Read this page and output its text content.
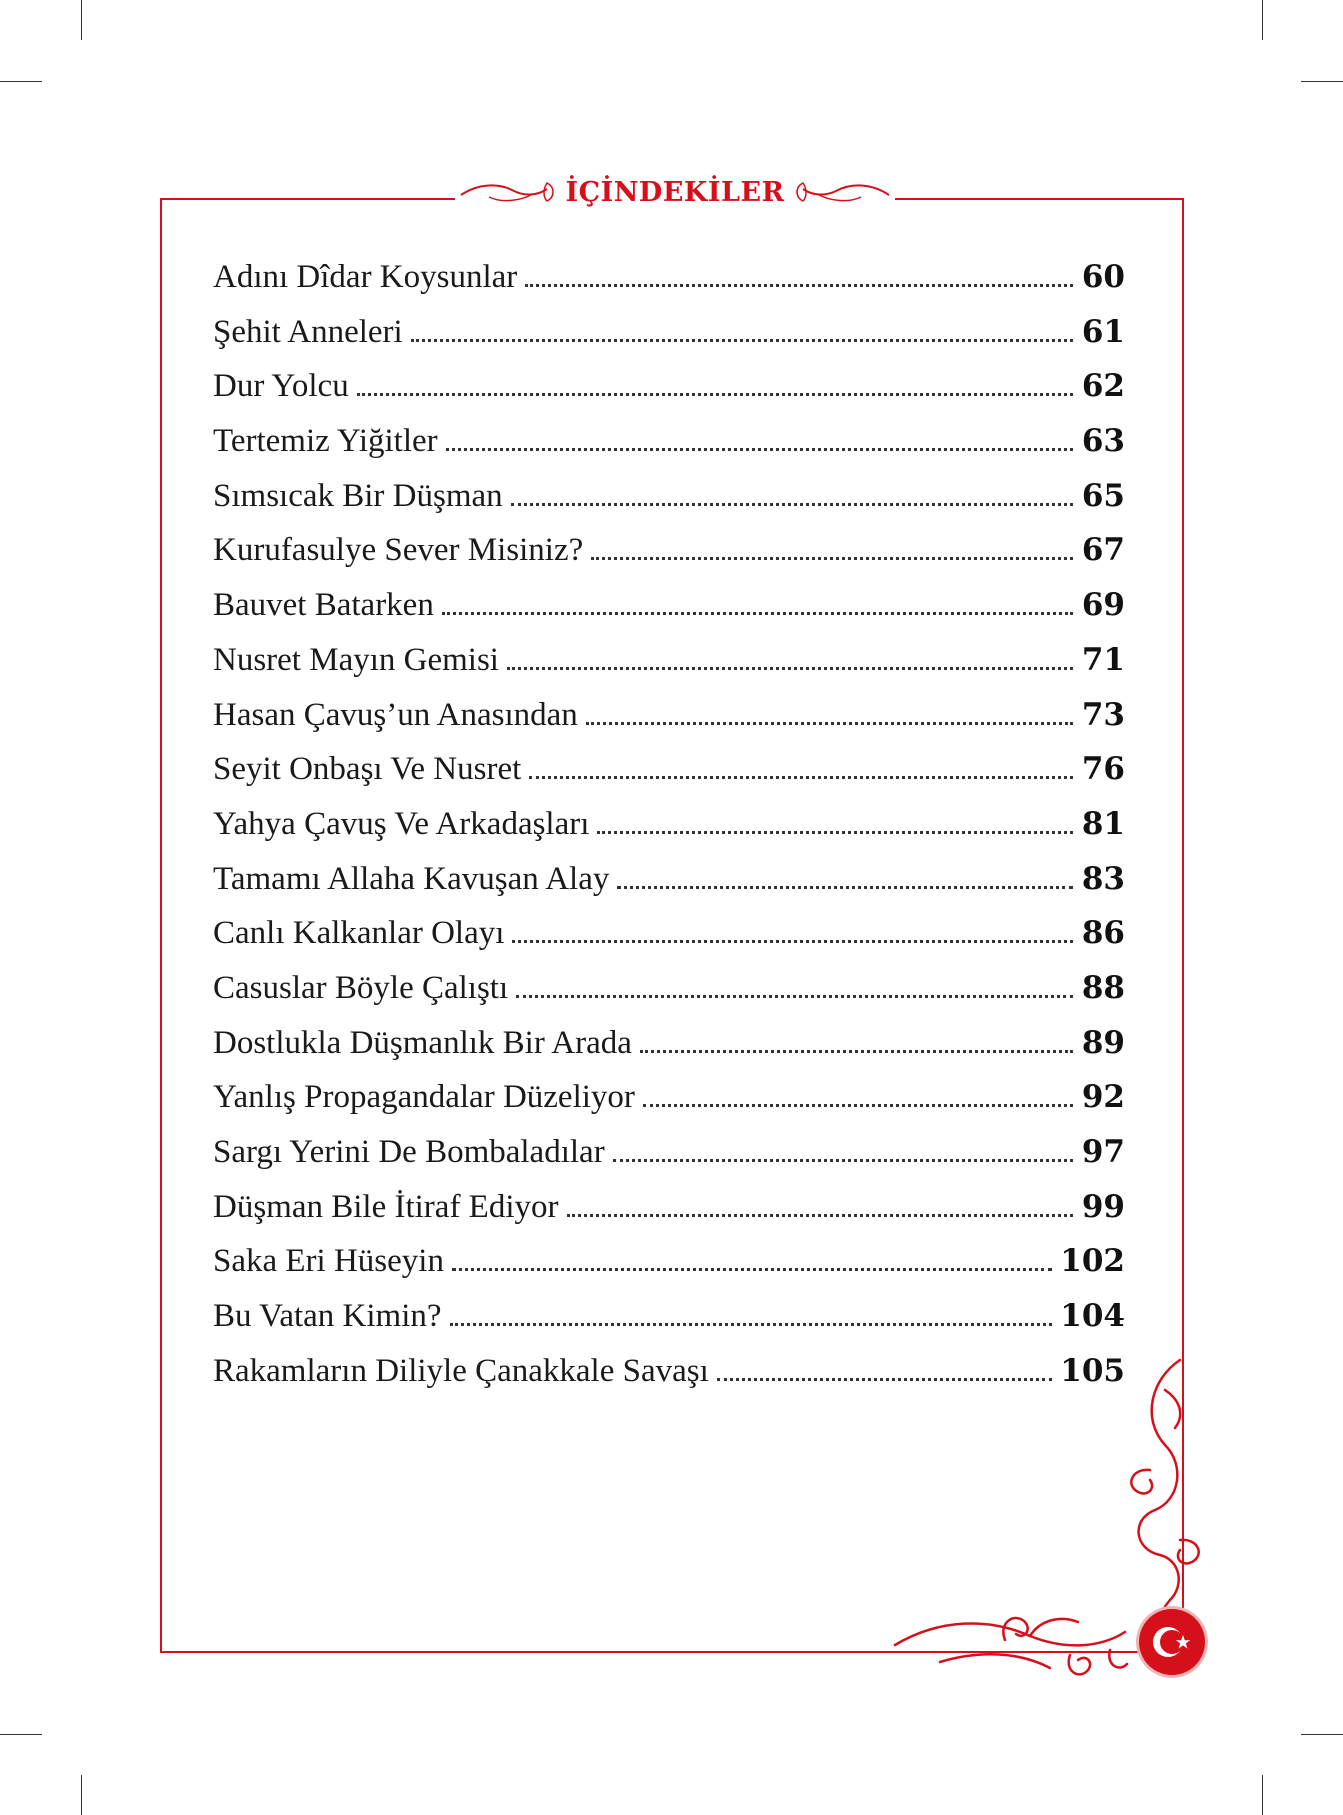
İÇİNDEKİLER
Adını Dîdar Koysunlar	60
Şehit Anneleri	61
Dur Yolcu	62
Tertemiz Yiğitler	63
Sımsıcak Bir Düşman	65
Kurufasulye Sever Misiniz?	67
Bauvet Batarken	69
Nusret Mayın Gemisi	71
Hasan Çavuş’un Anasından	73
Seyit Onbaşı Ve Nusret	76
Yahya Çavuş Ve Arkadaşları	81
Tamamı Allaha Kavuşan Alay	83
Canlı Kalkanlar Olayı	86
Casuslar Böyle Çalıştı	88
Dostlukla Düşmanlık Bir Arada	89
Yanlış Propagandalar Düzeliyor	92
Sargı Yerini De Bombaladılar	97
Düşman Bile İtiraf Ediyor	99
Saka Eri Hüseyin	102
Bu Vatan Kimin?	104
Rakamların Diliyle Çanakkale Savaşı	105
